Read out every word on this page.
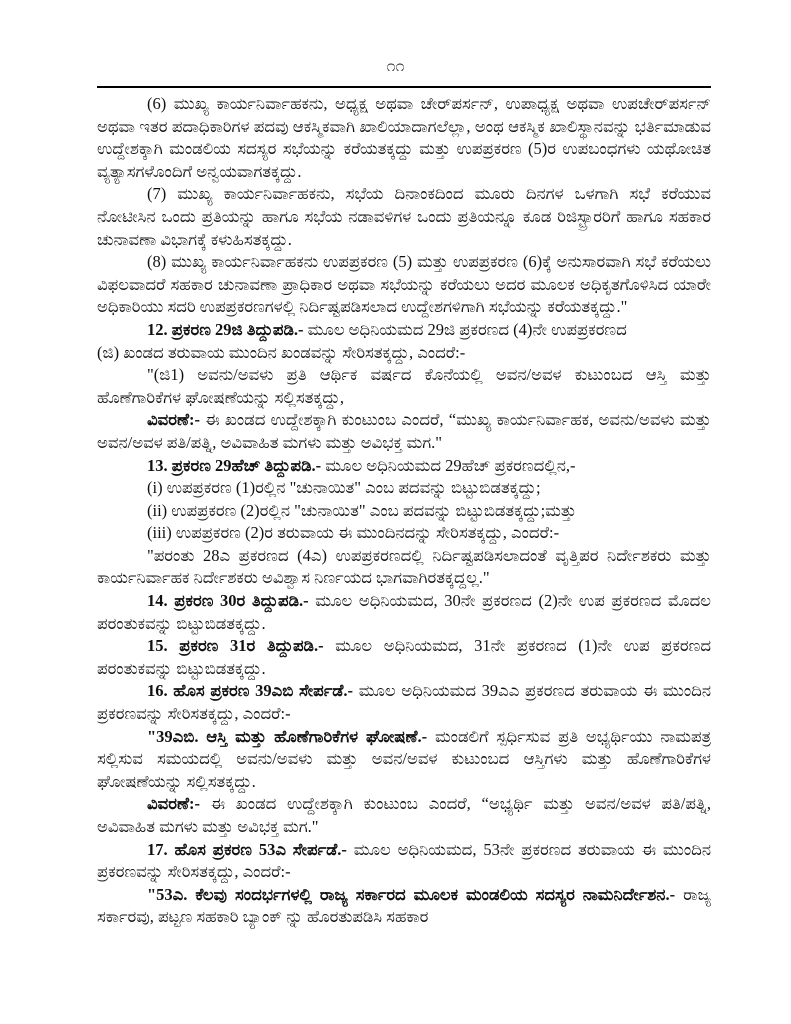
೧೧

(6) ಮುಖ್ಯ ಕಾರ್ಯನಿರ್ವಾಹಕನು, ಅಧ್ಯಕ್ಷ ಅಥವಾ ಚೇರ್‌ಪರ್ಸನ್, ಉಪಾಧ್ಯಕ್ಷ ಅಥವಾ ಉಪಚೇರ್‌ಪರ್ಸನ್ ಅಥವಾ ಇತರ ಪದಾಧಿಕಾರಿಗಳ ಪದವು ಆಕಸ್ಮಿಕವಾಗಿ ಖಾಲಿಯಾದಾಗಲೆಲ್ಲಾ, ಅಂಥ ಆಕಸ್ಮಿಕ ಖಾಲಿಸ್ಥಾನವನ್ನು ಭರ್ತಿಮಾಡುವ ಉದ್ದೇಶಕ್ಕಾಗಿ ಮಂಡಲಿಯ ಸದಸ್ಯರ ಸಭೆಯನ್ನು ಕರೆಯತಕ್ಕದ್ದು ಮತ್ತು ಉಪಪ್ರಕರಣ (5)ರ ಉಪಬಂಧಗಳು ಯಥೋಚಿತ ವ್ಯತ್ಯಾಸಗಳೊಂದಿಗೆ ಅನ್ವಯವಾಗತಕ್ಕದ್ದು.

(7) ಮುಖ್ಯ ಕಾರ್ಯನಿರ್ವಾಹಕನು, ಸಭೆಯ ದಿನಾಂಕದಿಂದ ಮೂರು ದಿನಗಳ ಒಳಗಾಗಿ ಸಭೆ ಕರೆಯುವ ನೋಟೀಸಿನ ಒಂದು ಪ್ರತಿಯನ್ನು ಹಾಗೂ ಸಭೆಯ ನಡಾವಳಿಗಳ ಒಂದು ಪ್ರತಿಯನ್ನೂ ಕೂಡ ರಿಜಿಸ್ಟ್ರಾರರಿಗೆ ಹಾಗೂ ಸಹಕಾರ ಚುನಾವಣಾ ವಿಭಾಗಕ್ಕೆ ಕಳುಹಿಸತಕ್ಕದ್ದು.

(8) ಮುಖ್ಯ ಕಾರ್ಯನಿರ್ವಾಹಕನು ಉಪಪ್ರಕರಣ (5) ಮತ್ತು ಉಪಪ್ರಕರಣ (6)ಕ್ಕೆ ಅನುಸಾರವಾಗಿ ಸಭೆ ಕರೆಯಲು ವಿಫಲವಾದರೆ ಸಹಕಾರ ಚುನಾವಣಾ ಪ್ರಾಧಿಕಾರ ಅಥವಾ ಸಭೆಯನ್ನು ಕರೆಯಲು ಅದರ ಮೂಲಕ ಅಧಿಕೃತಗೊಳಿಸಿದ ಯಾರೇ ಅಧಿಕಾರಿಯು ಸದರಿ ಉಪಪ್ರಕರಣಗಳಲ್ಲಿ ನಿರ್ದಿಷ್ಟಪಡಿಸಲಾದ ಉದ್ದೇಶಗಳಿಗಾಗಿ ಸಭೆಯನ್ನು ಕರೆಯತಕ್ಕದ್ದು."

12. ಪ್ರಕರಣ 29ಜಿ ತಿದ್ದುಪಡಿ.- ಮೂಲ ಅಧಿನಿಯಮದ 29ಜಿ ಪ್ರಕರಣದ (4)ನೇ ಉಪಪ್ರಕರಣದ

(ಜಿ) ಖಂಡದ ತರುವಾಯ ಮುಂದಿನ ಖಂಡವನ್ನು ಸೇರಿಸತಕ್ಕದ್ದು, ಎಂದರೆ:-

"(ಜಿ1) ಅವನು/ಅವಳು ಪ್ರತಿ ಆರ್ಥಿಕ ವರ್ಷದ ಕೊನೆಯಲ್ಲಿ ಅವನ/ಅವಳ ಕುಟುಂಬದ ಆಸ್ತಿ ಮತ್ತು ಹೊಣೆಗಾರಿಕೆಗಳ ಘೋಷಣೆಯನ್ನು ಸಲ್ಲಿಸತಕ್ಕದ್ದು,

ವಿವರಣೆ:- ಈ ಖಂಡದ ಉದ್ದೇಶಕ್ಕಾಗಿ ಕುಂಟುಂಬ ಎಂದರೆ, “ಮುಖ್ಯ ಕಾರ್ಯನಿರ್ವಾಹಕ, ಅವನು/ಅವಳು ಮತ್ತು ಅವನ/ಅವಳ ಪತಿ/ಪತ್ನಿ, ಅವಿವಾಹಿತ ಮಗಳು ಮತ್ತು ಅವಿಭಕ್ತ ಮಗ."

13. ಪ್ರಕರಣ 29ಹೆಚ್ ತಿದ್ದುಪಡಿ.- ಮೂಲ ಅಧಿನಿಯಮದ 29ಹೆಚ್ ಪ್ರಕರಣದಲ್ಲಿನ,-

(i) ಉಪಪ್ರಕರಣ (1)ರಲ್ಲಿನ "ಚುನಾಯಿತ" ಎಂಬ ಪದವನ್ನು ಬಿಟ್ಟುಬಿಡತಕ್ಕದ್ದು;

(ii) ಉಪಪ್ರಕರಣ (2)ರಲ್ಲಿನ "ಚುನಾಯಿತ" ಎಂಬ ಪದವನ್ನು ಬಿಟ್ಟುಬಿಡತಕ್ಕದ್ದು;ಮತ್ತು

(iii) ಉಪಪ್ರಕರಣ (2)ರ ತರುವಾಯ ಈ ಮುಂದಿನದನ್ನು ಸೇರಿಸತಕ್ಕದ್ದು, ಎಂದರೆ:-

"ಪರಂತು 28ಎ ಪ್ರಕರಣದ (4ಎ) ಉಪಪ್ರಕರಣದಲ್ಲಿ ನಿರ್ದಿಷ್ಟಪಡಿಸಲಾದಂತೆ ವೃತ್ತಿಪರ ನಿರ್ದೇಶಕರು ಮತ್ತು ಕಾರ್ಯನಿರ್ವಾಹಕ ನಿರ್ದೇಶಕರು ಅವಿಶ್ವಾಸ ನಿರ್ಣಯದ ಭಾಗವಾಗಿರತಕ್ಕದ್ದಲ್ಲ."

14. ಪ್ರಕರಣ 30ರ ತಿದ್ದುಪಡಿ.- ಮೂಲ ಅಧಿನಿಯಮದ, 30ನೇ ಪ್ರಕರಣದ (2)ನೇ ಉಪ ಪ್ರಕರಣದ ಮೊದಲ ಪರಂತುಕವನ್ನು ಬಿಟ್ಟುಬಿಡತಕ್ಕದ್ದು.

15. ಪ್ರಕರಣ 31ರ ತಿದ್ದುಪಡಿ.- ಮೂಲ ಅಧಿನಿಯಮದ, 31ನೇ ಪ್ರಕರಣದ (1)ನೇ ಉಪ ಪ್ರಕರಣದ ಪರಂತುಕವನ್ನು ಬಿಟ್ಟುಬಿಡತಕ್ಕದ್ದು.

16. ಹೊಸ ಪ್ರಕರಣ 39ಎಬಿ ಸೇರ್ಪಡೆ.- ಮೂಲ ಅಧಿನಿಯಮದ 39ಎಎ ಪ್ರಕರಣದ ತರುವಾಯ ಈ ಮುಂದಿನ ಪ್ರಕರಣವನ್ನು ಸೇರಿಸತಕ್ಕದ್ದು, ಎಂದರೆ:-

"39ಎಬಿ. ಆಸ್ತಿ ಮತ್ತು ಹೊಣೆಗಾರಿಕೆಗಳ ಘೋಷಣೆ.- ಮಂಡಲಿಗೆ ಸ್ಪರ್ಧಿಸುವ ಪ್ರತಿ ಅಭ್ಯರ್ಥಿಯು ನಾಮಪತ್ರ ಸಲ್ಲಿಸುವ ಸಮಯದಲ್ಲಿ ಅವನು/ಅವಳು ಮತ್ತು ಅವನ/ಅವಳ ಕುಟುಂಬದ ಆಸ್ತಿಗಳು ಮತ್ತು ಹೊಣೆಗಾರಿಕೆಗಳ ಘೋಷಣೆಯನ್ನು ಸಲ್ಲಿಸತಕ್ಕದ್ದು.

ವಿವರಣೆ:- ಈ ಖಂಡದ ಉದ್ದೇಶಕ್ಕಾಗಿ ಕುಂಟುಂಬ ಎಂದರೆ, “ಅಭ್ಯರ್ಥಿ ಮತ್ತು ಅವನ/ಅವಳ ಪತಿ/ಪತ್ನಿ, ಅವಿವಾಹಿತ ಮಗಳು ಮತ್ತು ಅವಿಭಕ್ತ ಮಗ."

17. ಹೊಸ ಪ್ರಕರಣ 53ಎ ಸೇರ್ಪಡೆ.- ಮೂಲ ಅಧಿನಿಯಮದ, 53ನೇ ಪ್ರಕರಣದ ತರುವಾಯ ಈ ಮುಂದಿನ ಪ್ರಕರಣವನ್ನು ಸೇರಿಸತಕ್ಕದ್ದು, ಎಂದರೆ:-

"53ಎ. ಕೆಲವು ಸಂದರ್ಭಗಳಲ್ಲಿ ರಾಜ್ಯ ಸರ್ಕಾರದ ಮೂಲಕ ಮಂಡಲಿಯ ಸದಸ್ಯರ ನಾಮನಿರ್ದೇಶನ.- ರಾಜ್ಯ ಸರ್ಕಾರವು, ಪಟ್ಟಣ ಸಹಕಾರಿ ಬ್ಯಾಂಕ್ ನ್ನು ಹೊರತುಪಡಿಸಿ ಸಹಕಾರ
